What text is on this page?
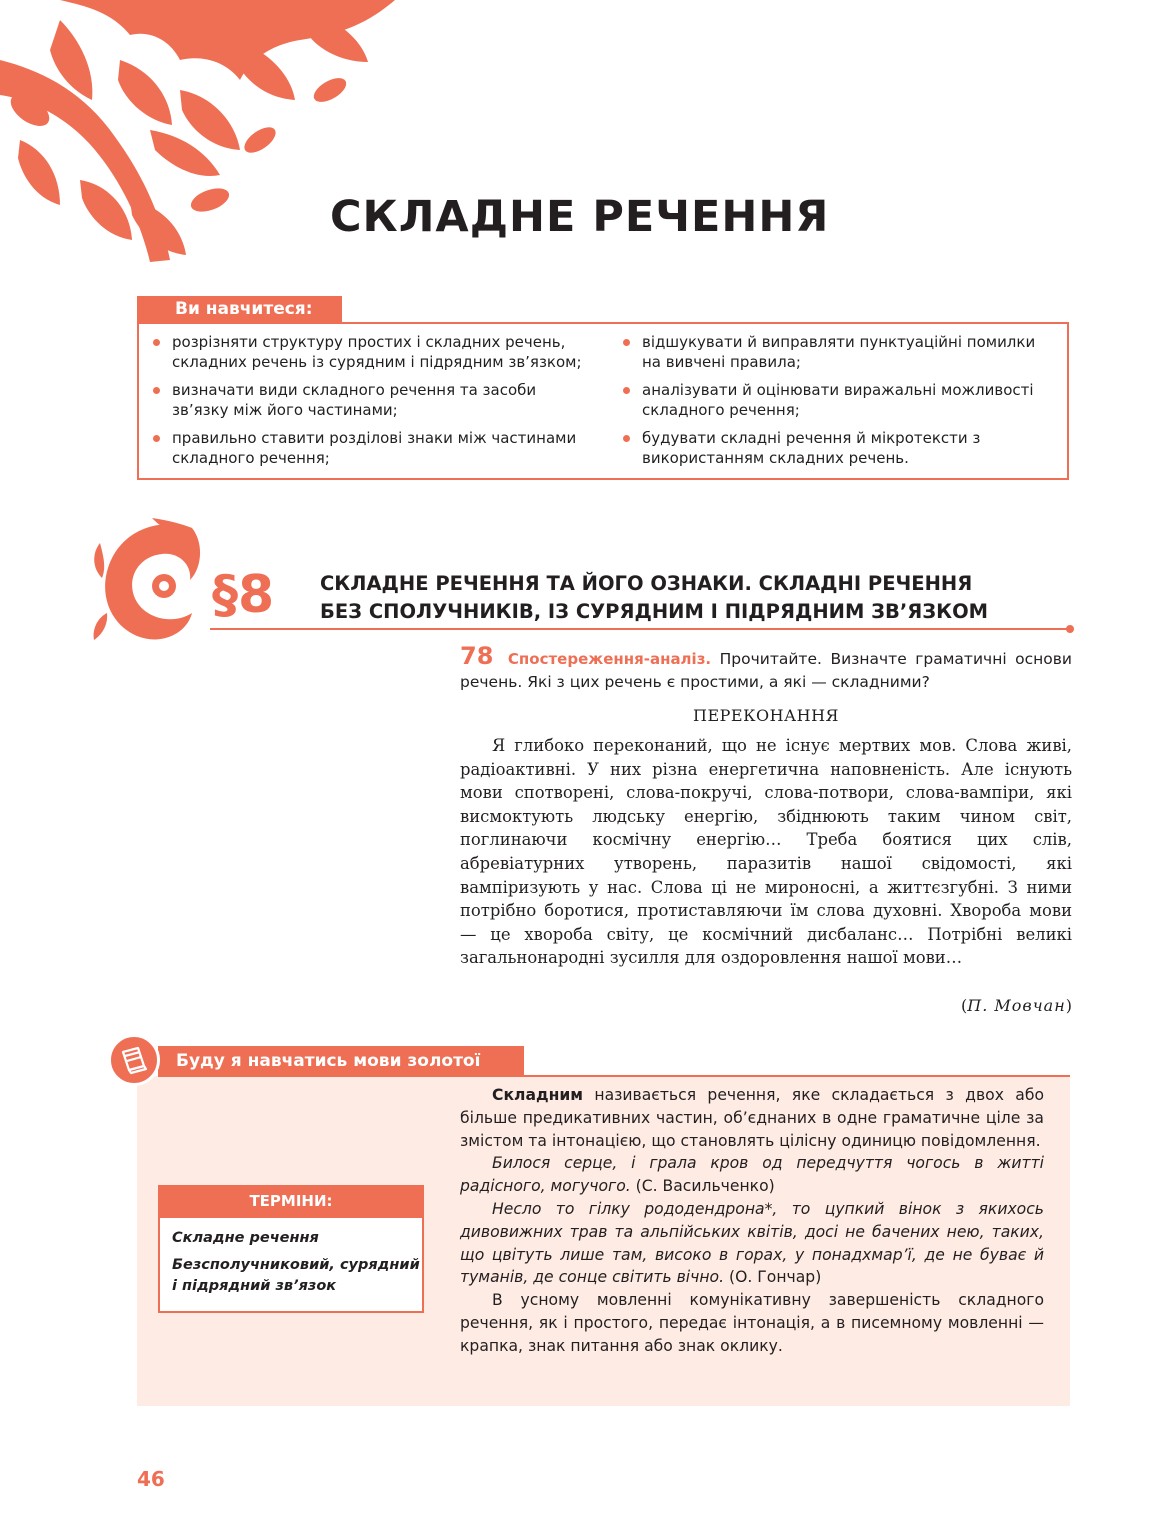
СКЛАДНЕ РЕЧЕННЯ
Ви навчитеся:
розрізняти структуру простих і складних речень, складних речень із сурядним і підрядним зв’язком;
визначати види складного речення та засоби зв’язку між його частинами;
правильно ставити розділові знаки між частинами складного речення;
відшукувати й виправляти пунктуаційні помилки на вивчені правила;
аналізувати й оцінювати виражальні можливості складного речення;
будувати складні речення й мікротексти з використанням складних речень.
§8 СКЛАДНЕ РЕЧЕННЯ ТА ЙОГО ОЗНАКИ. СКЛАДНІ РЕЧЕННЯ
БЕЗ СПОЛУЧНИКІВ, ІЗ СУРЯДНИМ І ПІДРЯДНИМ ЗВ’ЯЗКОМ
78 Спостереження-аналіз. Прочитайте. Визначте граматичні основи речень. Які з цих речень є простими, а які — складними?
ПЕРЕКОНАННЯ

Я глибоко переконаний, що не існує мертвих мов. Слова живі, радіоактивні. У них різна енергетична наповненість. Але існують мови спотворені, слова-покручі, слова-потвори, слова-вампіри, які висмоктують людську енергію, збіднюють таким чином світ, поглинаючи космічну енергію… Треба боятися цих слів, абревіатурних утворень, паразитів нашої свідомості, які вампіризують у нас. Слова ці не мироносні, а життєзгубні. З ними потрібно боротися, протиставляючи їм слова духовні. Хвороба мови — це хвороба світу, це космічний дисбаланс… Потрібні великі загальнонародні зусилля для оздоровлення нашої мови…

(П. Мовчан)
Буду я навчатись мови золотої
ТЕРМІНИ:
Складне речення
Безсполучниковий, сурядний і підрядний зв’язок

Складним називається речення, яке складається з двох або більше предикативних частин, об’єднаних в одне граматичне ціле за змістом та інтонацією, що становлять цілісну одиницю повідомлення.

Билося серце, і грала кров од передчуття чогось в житті радісного, могучого. (С. Васильченко)

Несло то гілку рододендрона*, то цупкий вінок з якихось дивовижних трав та альпійських квітів, досі не бачених нею, таких, що цвітуть лише там, високо в горах, у понадхмар’ї, де не буває й туманів, де сонце світить вічно. (О. Гончар)

В усному мовленні комунікативну завершеність складного речення, як і простого, передає інтонація, а в писемному мовленні — крапка, знак питання або знак оклику.

46
